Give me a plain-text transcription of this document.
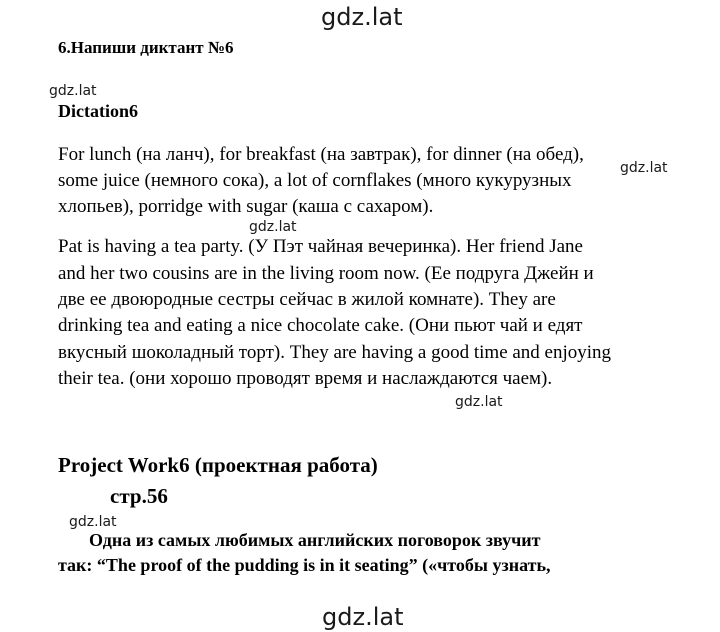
gdz.lat
gdz.lat
gdz.lat
gdz.lat
gdz.lat
gdz.lat
gdz.lat
6.Напиши диктант №6
Dictation6
For lunch (на ланч), for breakfast (на завтрак), for dinner (на обед),
some juice (немного сока), a lot of cornflakes (много кукурузных
хлопьев), porridge with sugar (каша с сахаром).
Pat is having a tea party. (У Пэт чайная вечеринка). Her friend Jane
and her two cousins are in the living room now. (Ее подруга Джейн и
две ее двоюродные сестры сейчас в жилой комнате). They are
drinking tea and eating a nice chocolate cake. (Они пьют чай и едят
вкусный шоколадный торт). They are having a good time and enjoying
their tea. (они хорошо проводят время и наслаждаются чаем).
Project Work6 (проектная работа)
стр.56
Одна из самых любимых английских поговорок звучит
так: “The proof of the pudding is in it seating” («чтобы узнать,
